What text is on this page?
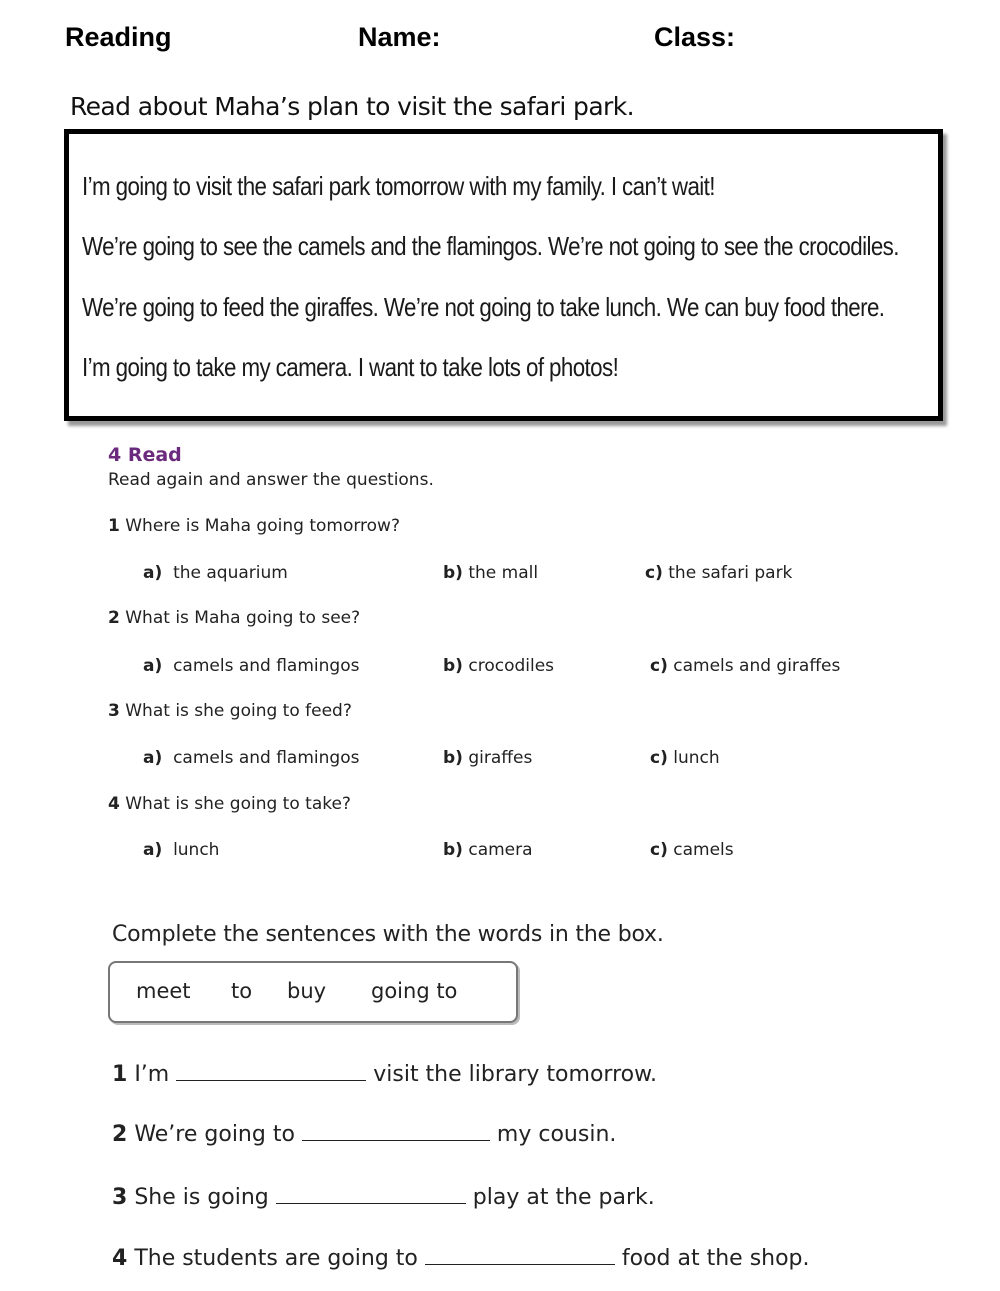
Reading	Name:	Class:
Read about Maha’s plan to visit the safari park.
I’m going to visit the safari park tomorrow with my family. I can’t wait!
We’re going to see the camels and the flamingos. We’re not going to see the crocodiles.
We’re going to feed the giraffes. We’re not going to take lunch. We can buy food there.
I’m going to take my camera. I want to take lots of photos!
4 Read
Read again and answer the questions.
1 Where is Maha going tomorrow?
a) the aquarium	b) the mall	c) the safari park
2 What is Maha going to see?
a) camels and flamingos	b) crocodiles	c) camels and giraffes
3 What is she going to feed?
a) camels and flamingos	b) giraffes	c) lunch
4 What is she going to take?
a) lunch	b) camera	c) camels
Complete the sentences with the words in the box.
meet to buy going to
1 I’m	visit the library tomorrow.
2 We’re going to	my cousin.
3 She is going	play at the park.
4 The students are going to	food at the shop.
